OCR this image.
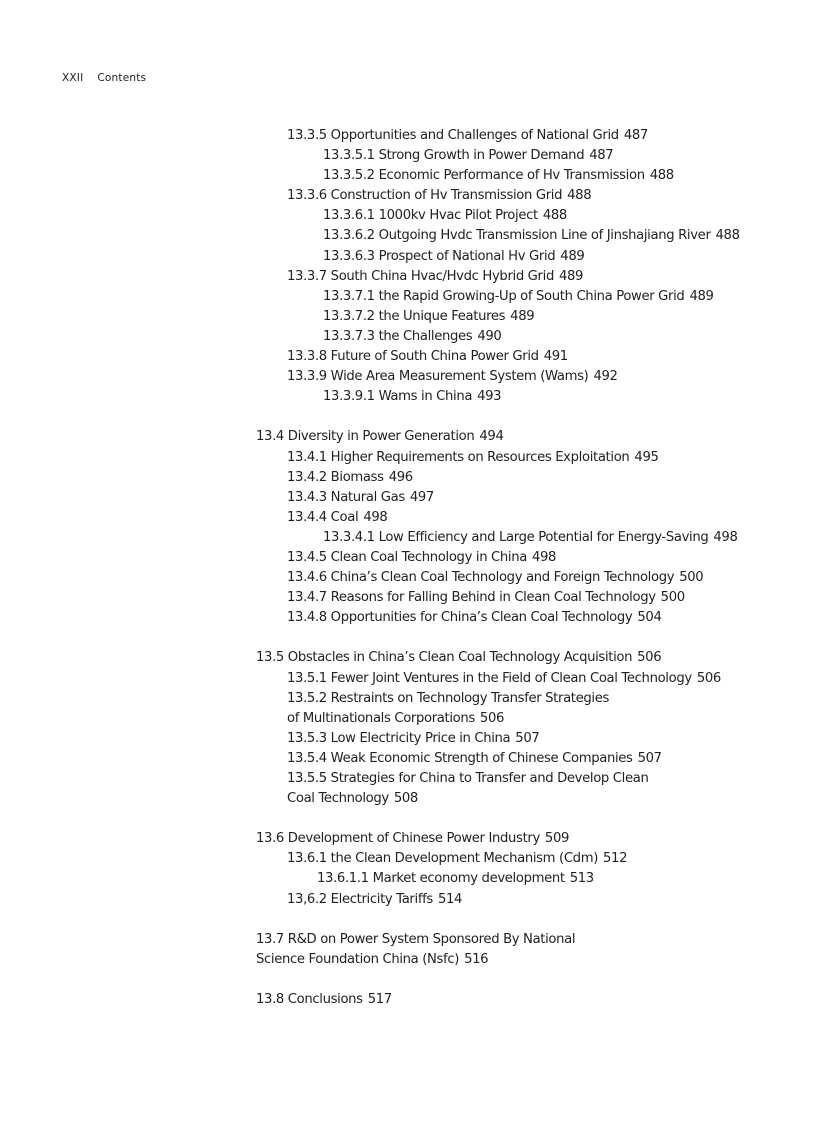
XXII Contents
13.3.5 Opportunities and Challenges of National Grid 487
13.3.5.1 Strong Growth in Power Demand 487
13.3.5.2 Economic Performance of Hv Transmission 488
13.3.6 Construction of Hv Transmission Grid 488
13.3.6.1 1000kv Hvac Pilot Project 488
13.3.6.2 Outgoing Hvdc Transmission Line of Jinshajiang River 488
13.3.6.3 Prospect of National Hv Grid 489
13.3.7 South China Hvac/Hvdc Hybrid Grid 489
13.3.7.1 the Rapid Growing-Up of South China Power Grid 489
13.3.7.2 the Unique Features 489
13.3.7.3 the Challenges 490
13.3.8 Future of South China Power Grid 491
13.3.9 Wide Area Measurement System (Wams) 492
13.3.9.1 Wams in China 493
13.4 Diversity in Power Generation 494
13.4.1 Higher Requirements on Resources Exploitation 495
13.4.2 Biomass 496
13.4.3 Natural Gas 497
13.4.4 Coal 498
13.3.4.1 Low Efficiency and Large Potential for Energy-Saving 498
13.4.5 Clean Coal Technology in China 498
13.4.6 China’s Clean Coal Technology and Foreign Technology 500
13.4.7 Reasons for Falling Behind in Clean Coal Technology 500
13.4.8 Opportunities for China’s Clean Coal Technology 504
13.5 Obstacles in China’s Clean Coal Technology Acquisition 506
13.5.1 Fewer Joint Ventures in the Field of Clean Coal Technology 506
13.5.2 Restraints on Technology Transfer Strategies
of Multinationals Corporations 506
13.5.3 Low Electricity Price in China 507
13.5.4 Weak Economic Strength of Chinese Companies 507
13.5.5 Strategies for China to Transfer and Develop Clean
Coal Technology 508
13.6 Development of Chinese Power Industry 509
13.6.1 the Clean Development Mechanism (Cdm) 512
13.6.1.1 Market economy development 513
13,6.2 Electricity Tariffs 514
13.7 R&D on Power System Sponsored By National
Science Foundation China (Nsfc) 516
13.8 Conclusions 517
